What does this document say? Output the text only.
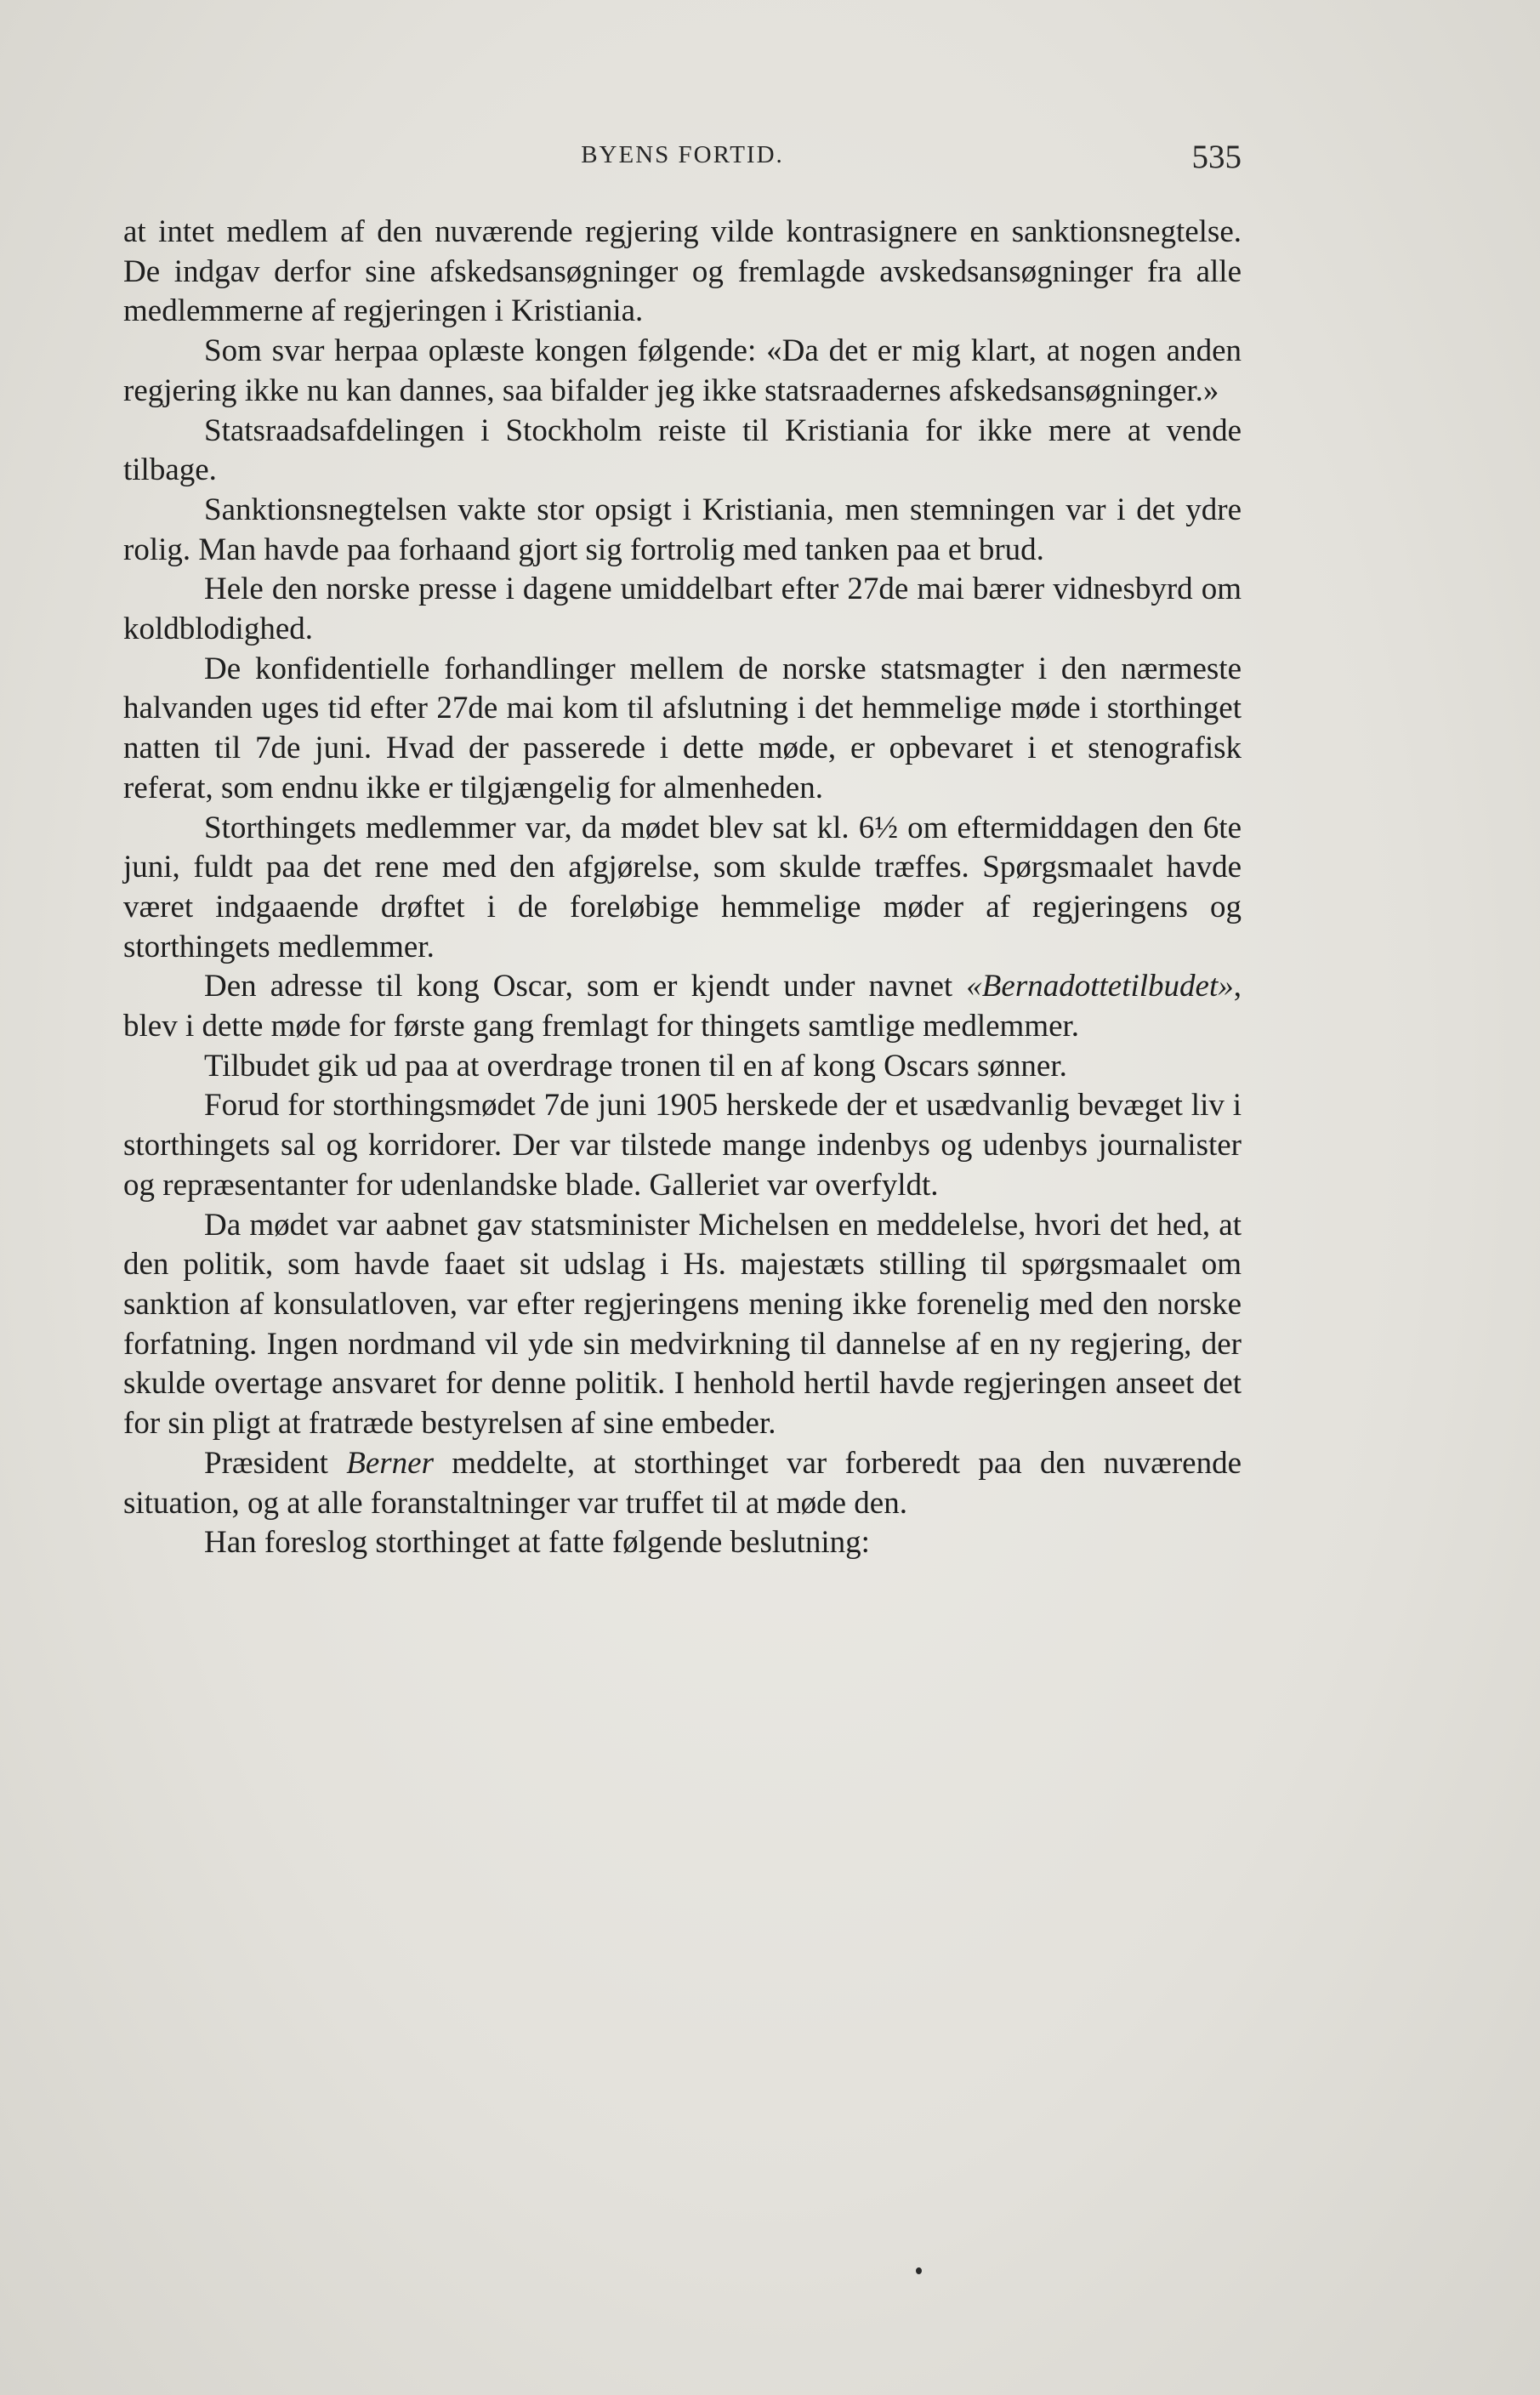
BYENS FORTID.	535

at intet medlem af den nuværende regjering vilde kontrasignere en sanktionsnegtelse. De indgav derfor sine afskedsansøgninger og fremlagde avskedsansøgninger fra alle medlemmerne af regjeringen i Kristiania.

Som svar herpaa oplæste kongen følgende: «Da det er mig klart, at nogen anden regjering ikke nu kan dannes, saa bifalder jeg ikke statsraadernes afskedsansøgninger.»

Statsraadsafdelingen i Stockholm reiste til Kristiania for ikke mere at vende tilbage.

Sanktionsnegtelsen vakte stor opsigt i Kristiania, men stemningen var i det ydre rolig. Man havde paa forhaand gjort sig fortrolig med tanken paa et brud.

Hele den norske presse i dagene umiddelbart efter 27de mai bærer vidnesbyrd om koldblodighed.

De konfidentielle forhandlinger mellem de norske statsmagter i den nærmeste halvanden uges tid efter 27de mai kom til afslutning i det hemmelige møde i storthinget natten til 7de juni. Hvad der passerede i dette møde, er opbevaret i et stenografisk referat, som endnu ikke er tilgjængelig for almenheden.

Storthingets medlemmer var, da mødet blev sat kl. 6½ om eftermiddagen den 6te juni, fuldt paa det rene med den afgjørelse, som skulde træffes. Spørgsmaalet havde været indgaaende drøftet i de foreløbige hemmelige møder af regjeringens og storthingets medlemmer.

Den adresse til kong Oscar, som er kjendt under navnet «Bernadottetilbudet», blev i dette møde for første gang fremlagt for thingets samtlige medlemmer.

Tilbudet gik ud paa at overdrage tronen til en af kong Oscars sønner.

Forud for storthingsmødet 7de juni 1905 herskede der et usædvanlig bevæget liv i storthingets sal og korridorer. Der var tilstede mange indenbys og udenbys journalister og repræsentanter for udenlandske blade. Galleriet var overfyldt.

Da mødet var aabnet gav statsminister Michelsen en meddelelse, hvori det hed, at den politik, som havde faaet sit udslag i Hs. majestæts stilling til spørgsmaalet om sanktion af konsulatloven, var efter regjeringens mening ikke forenelig med den norske forfatning. Ingen nordmand vil yde sin medvirkning til dannelse af en ny regjering, der skulde overtage ansvaret for denne politik. I henhold hertil havde regjeringen anseet det for sin pligt at fratræde bestyrelsen af sine embeder.

Præsident Berner meddelte, at storthinget var forberedt paa den nuværende situation, og at alle foranstaltninger var truffet til at møde den.

Han foreslog storthinget at fatte følgende beslutning:
